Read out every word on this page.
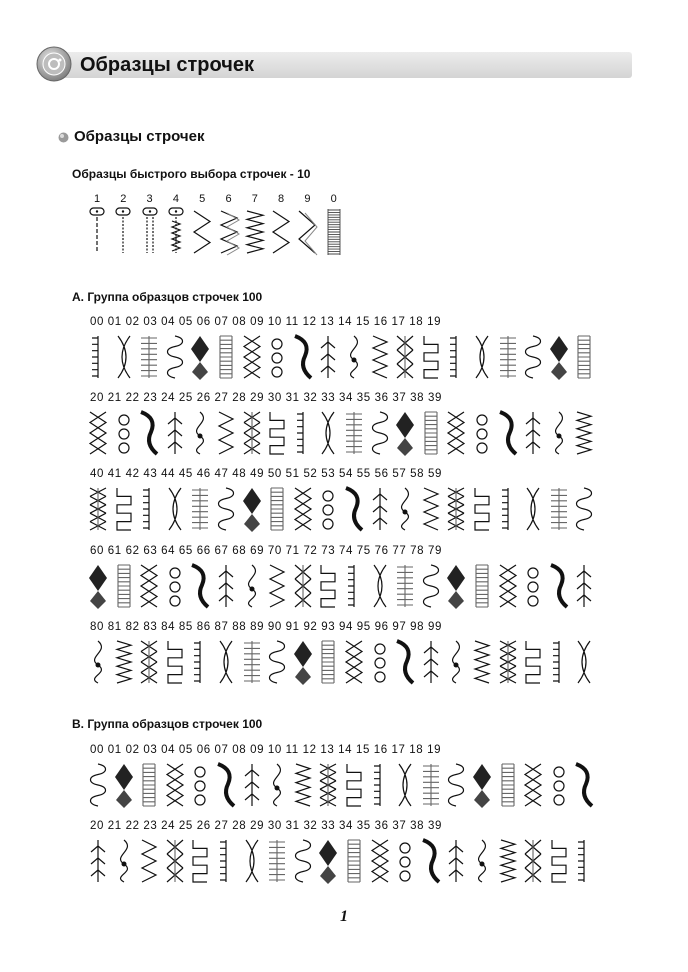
Образцы строчек
Образцы строчек
Образцы быстрого выбора строчек - 10
1	2	3	4	5	6	7	8	9	0
A. Группа образцов строчек 100
00 01 02 03 04 05 06 07 08 09 10 11 12 13 14 15 16 17 18 19
20 21 22 23 24 25 26 27 28 29 30 31 32 33 34 35 36 37 38 39
40 41 42 43 44 45 46 47 48 49 50 51 52 53 54 55 56 57 58 59
60 61 62 63 64 65 66 67 68 69 70 71 72 73 74 75 76 77 78 79
80 81 82 83 84 85 86 87 88 89 90 91 92 93 94 95 96 97 98 99
B. Группа образцов строчек 100
00 01 02 03 04 05 06 07 08 09 10 11 12 13 14 15 16 17 18 19
20 21 22 23 24 25 26 27 28 29 30 31 32 33 34 35 36 37 38 39
1
